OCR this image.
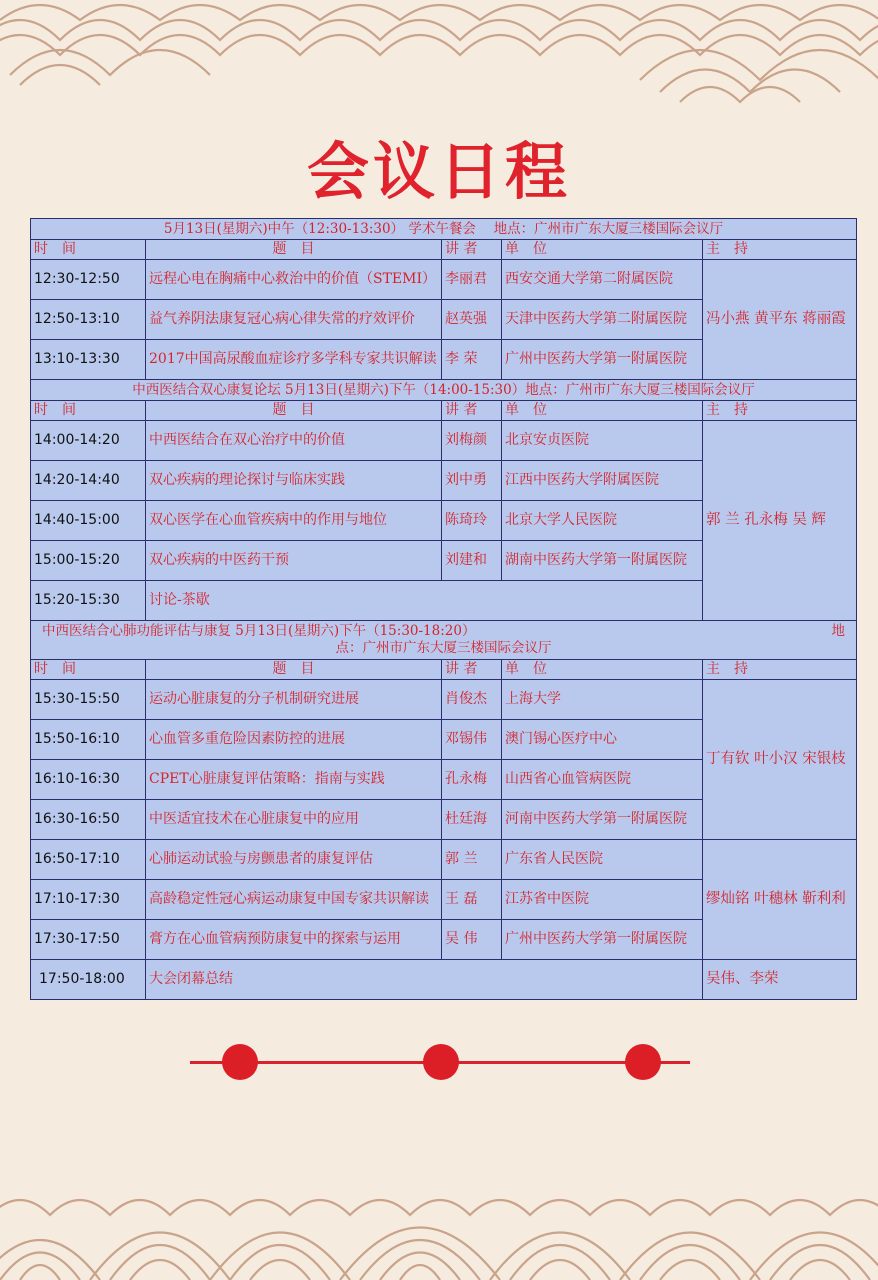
会议日程
5月13日(星期六)中午（12:30-13:30） 学术午餐会　 地点：广州市广东大厦三楼国际会议厅				
时　间	题　目	讲 者	单　位	主　持
12:30-12:50	远程心电在胸痛中心救治中的价值（STEMI）	李丽君	西安交通大学第二附属医院	冯小燕 黄平东 蒋丽霞
12:50-13:10	益气养阴法康复冠心病心律失常的疗效评价	赵英强	天津中医药大学第二附属医院	
13:10-13:30	2017中国高尿酸血症诊疗多学科专家共识解读	李 荣	广州中医药大学第一附属医院	
中西医结合双心康复论坛 5月13日(星期六)下午（14:00-15:30）地点：广州市广东大厦三楼国际会议厅				
时　间	题　目	讲 者	单　位	主　持
14:00-14:20	中西医结合在双心治疗中的价值	刘梅颜	北京安贞医院	郭 兰 孔永梅 吴 辉
14:20-14:40	双心疾病的理论探讨与临床实践	刘中勇	江西中医药大学附属医院	
14:40-15:00	双心医学在心血管疾病中的作用与地位	陈琦玲	北京大学人民医院	
15:00-15:20	双心疾病的中医药干预	刘建和	湖南中医药大学第一附属医院	
15:20-15:30	讨论-茶歇			

中西医结合心肺功能评估与康复 5月13日(星期六)下午（15:30-18:20） 地
点：广州市广东大厦三楼国际会议厅				

时　间	题　目	讲 者	单　位	主　持
15:30-15:50	运动心脏康复的分子机制研究进展	肖俊杰	上海大学	丁有钦 叶小汉 宋银枝
15:50-16:10	心血管多重危险因素防控的进展	邓锡伟	澳门锡心医疗中心	
16:10-16:30	CPET心脏康复评估策略：指南与实践	孔永梅	山西省心血管病医院	
16:30-16:50	中医适宜技术在心脏康复中的应用	杜廷海	河南中医药大学第一附属医院	
16:50-17:10	心肺运动试验与房颤患者的康复评估	郭 兰	广东省人民医院	缪灿铭 叶穗林 靳利利
17:10-17:30	高龄稳定性冠心病运动康复中国专家共识解读	王 磊	江苏省中医院	
17:30-17:50	膏方在心血管病预防康复中的探索与运用	吴 伟	广州中医药大学第一附属医院	
17:50-18:00	大会闭幕总结			吴伟、李荣
